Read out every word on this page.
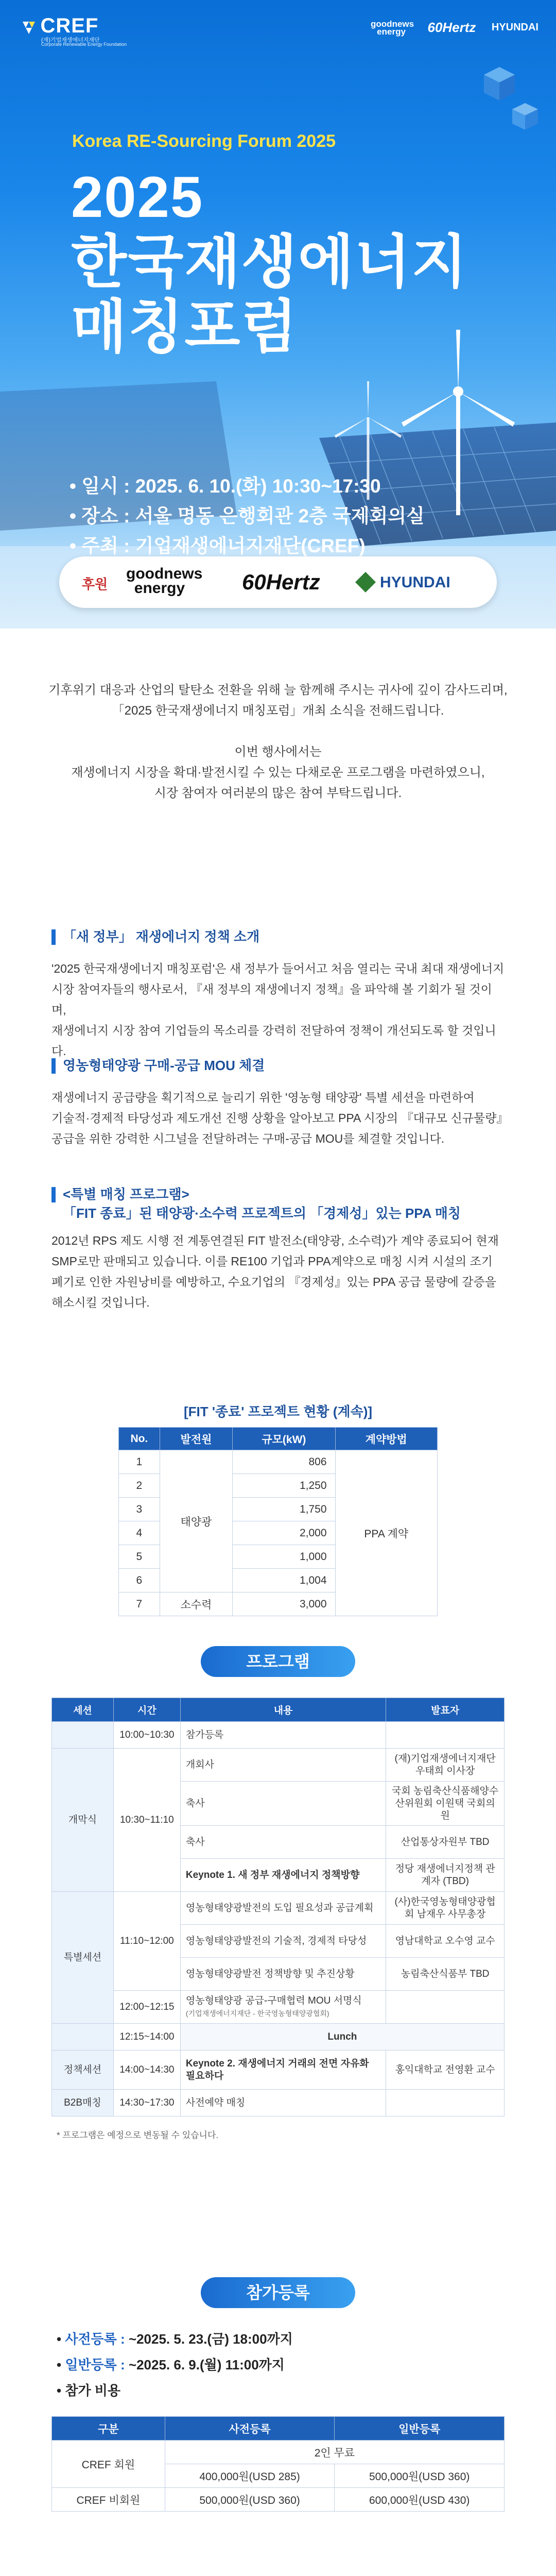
CREF
(재)기업재생에너지재단
Corporate Renewable Energy Foundation
goodnews energy 60Hertz HYUNDAI
Korea RE-Sourcing Forum 2025
2025
한국재생에너지
매칭포럼
• 일시 : 2025. 6. 10.(화) 10:30~17:30
• 장소 : 서울 명동 은행회관 2층 국제회의실
• 주최 : 기업재생에너지재단(CREF)
후원
goodnews energy	60Hertz	HYUNDAI

기후위기 대응과 산업의 탈탄소 전환을 위해 늘 함께해 주시는 귀사에 깊이 감사드리며,
「2025 한국재생에너지 매칭포럼」개최 소식을 전해드립니다.

이번 행사에서는
재생에너지 시장을 확대·발전시킬 수 있는 다채로운 프로그램을 마련하였으니,
시장 참여자 여러분의 많은 참여 부탁드립니다.

「새 정부」 재생에너지 정책 소개
'2025 한국재생에너지 매칭포럼'은 새 정부가 들어서고 처음 열리는 국내 최대 재생에너지
시장 참여자들의 행사로서, 『새 정부의 재생에너지 정책』을 파악해 볼 기회가 될 것이며,
재생에너지 시장 참여 기업들의 목소리를 강력히 전달하여 정책이 개선되도록 할 것입니다.
영농형태양광 구매-공급 MOU 체결
재생에너지 공급량을 획기적으로 늘리기 위한 '영농형 태양광' 특별 세션을 마련하여
기술적·경제적 타당성과 제도개선 진행 상황을 알아보고 PPA 시장의 『대규모 신규물량』
공급을 위한 강력한 시그널을 전달하려는 구매-공급 MOU를 체결할 것입니다.
<특별 매칭 프로그램>
「FIT 종료」된 태양광·소수력 프로젝트의 「경제성」있는 PPA 매칭
2012년 RPS 제도 시행 전 계통연결된 FIT 발전소(태양광, 소수력)가 계약 종료되어 현재
SMP로만 판매되고 있습니다. 이를 RE100 기업과 PPA계약으로 매칭 시켜 시설의 조기
폐기로 인한 자원낭비를 예방하고, 수요기업의 『경제성』있는 PPA 공급 물량에 갈증을
해소시킬 것입니다.
[FIT '종료' 프로젝트 현황 (계속)]
No.	발전원	규모(kW)	계약방법
1	태양광	806	PPA 계약
2		1,250	
3		1,750	
4		2,000	
5		1,000	
6		1,004	
7	소수력	3,000	
프로그램
세션	시간	내용	발표자
	10:00~10:30	참가등록	
개막식	10:30~11:10	개회사	(재)기업재생에너지재단 우태희 이사장
		축사	국회 농림축산식품해양수산위원회 이원택 국회의원
		축사	산업통상자원부 TBD
		Keynote 1. 새 정부 재생에너지 정책방향	정당 재생에너지정책 관계자 (TBD)
특별세션	11:10~12:00	영농형태양광발전의 도입 필요성과 공급계획	(사)한국영농형태양광협회 남재우 사무총장
		영농형태양광발전의 기술적, 경제적 타당성	영남대학교 오수영 교수
		영농형태양광발전 정책방향 및 추진상황	농림축산식품부 TBD
	12:00~12:15	영농형태양광 공급-구매협력 MOU 서명식
(기업재생에너지재단 - 한국영농형태양광협회)	

	12:15~14:00	Lunch	
정책세션	14:00~14:30	Keynote 2. 재생에너지 거래의 전면 자유화 필요하다	홍익대학교 전영환 교수
B2B매칭	14:30~17:30	사전예약 매칭	
* 프로그램은 예정으로 변동될 수 있습니다.
참가등록
• 사전등록 : ~2025. 5. 23.(금) 18:00까지
• 일반등록 : ~2025. 6. 9.(월) 11:00까지
• 참가 비용
구분	사전등록	일반등록
CREF 회원	2인 무료	
	400,000원(USD 285)	500,000원(USD 360)
CREF 비회원	500,000원(USD 360)	600,000원(USD 430)
